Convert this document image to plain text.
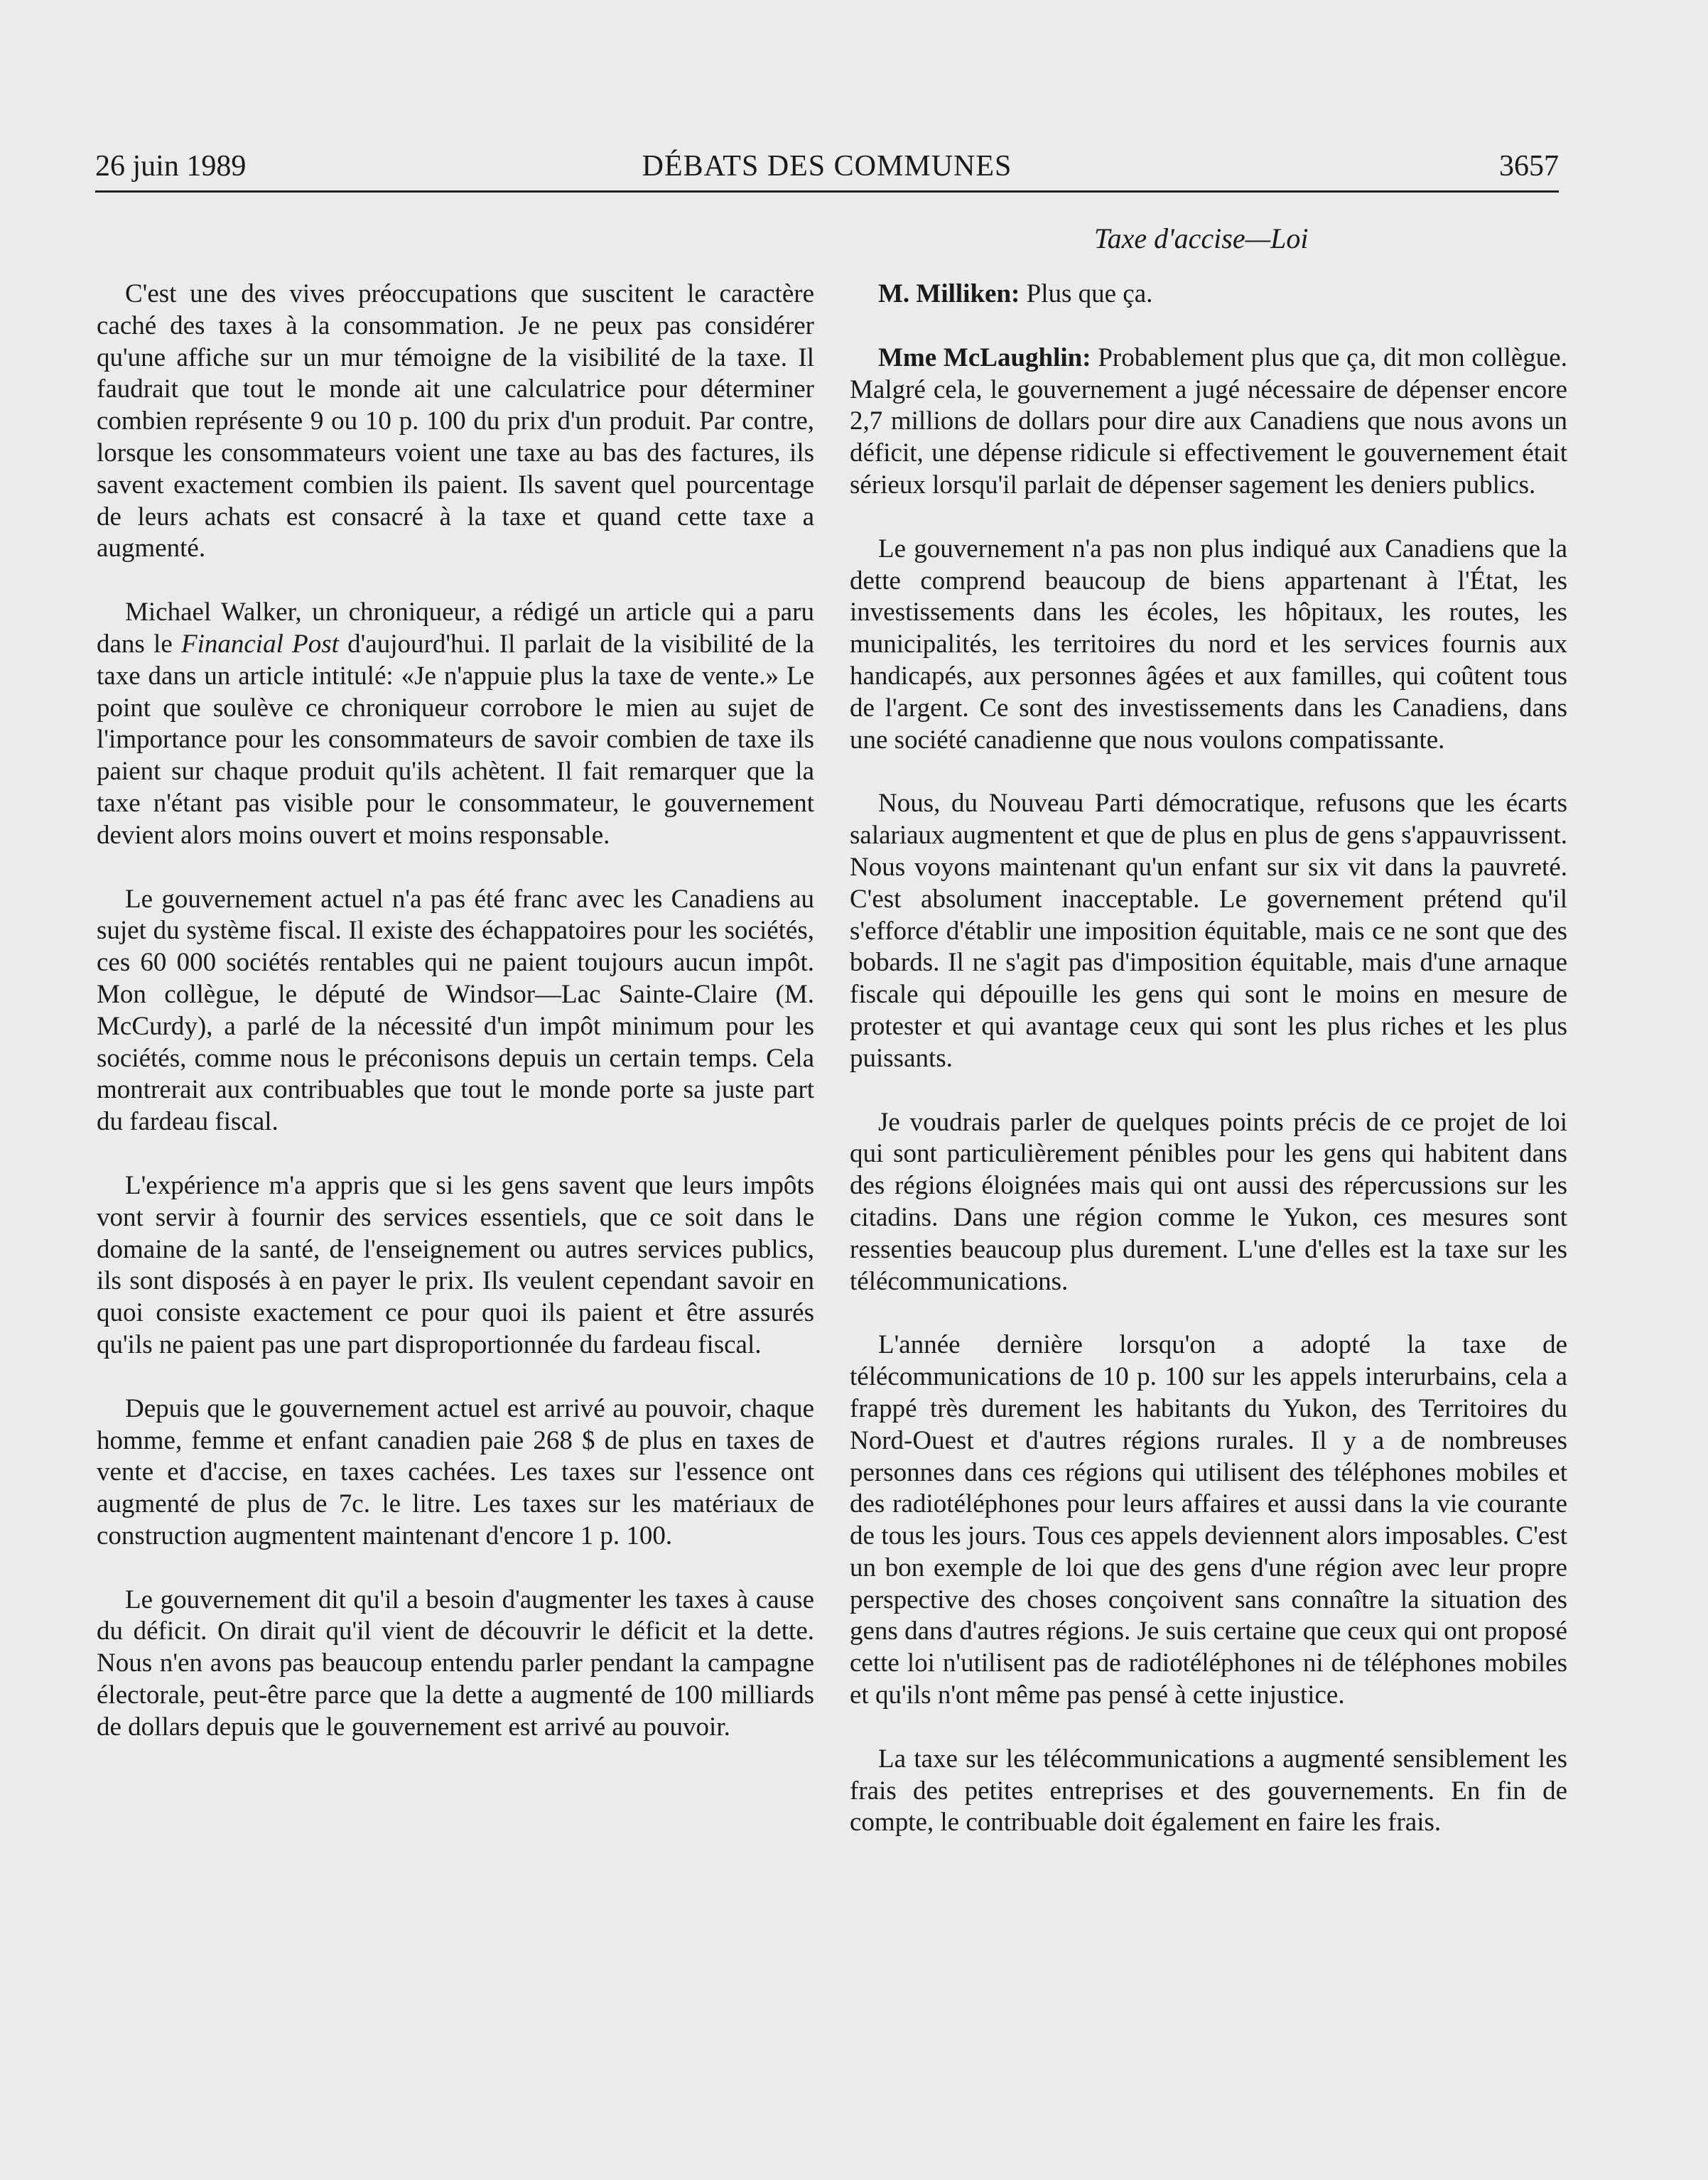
26 juin 1989	DÉBATS DES COMMUNES	3657
Taxe d'accise—Loi

C'est une des vives préoccupations que suscitent le caractère caché des taxes à la consommation. Je ne peux pas considérer qu'une affiche sur un mur témoigne de la visibilité de la taxe. Il faudrait que tout le monde ait une calculatrice pour déterminer combien représente 9 ou 10 p. 100 du prix d'un produit. Par contre, lorsque les consommateurs voient une taxe au bas des factures, ils savent exactement combien ils paient. Ils savent quel pourcentage de leurs achats est consacré à la taxe et quand cette taxe a augmenté.

Michael Walker, un chroniqueur, a rédigé un article qui a paru dans le Financial Post d'aujourd'hui. Il parlait de la visibilité de la taxe dans un article intitulé: «Je n'appuie plus la taxe de vente.» Le point que soulève ce chroniqueur corrobore le mien au sujet de l'importance pour les consommateurs de savoir combien de taxe ils paient sur chaque produit qu'ils achètent. Il fait remarquer que la taxe n'étant pas visible pour le consommateur, le gouvernement devient alors moins ouvert et moins responsable.

Le gouvernement actuel n'a pas été franc avec les Canadiens au sujet du système fiscal. Il existe des échappatoires pour les sociétés, ces 60 000 sociétés rentables qui ne paient toujours aucun impôt. Mon collègue, le député de Windsor—Lac Sainte-Claire (M. McCurdy), a parlé de la nécessité d'un impôt minimum pour les sociétés, comme nous le préconisons depuis un certain temps. Cela montrerait aux contribuables que tout le monde porte sa juste part du fardeau fiscal.

L'expérience m'a appris que si les gens savent que leurs impôts vont servir à fournir des services essentiels, que ce soit dans le domaine de la santé, de l'enseignement ou autres services publics, ils sont disposés à en payer le prix. Ils veulent cependant savoir en quoi consiste exactement ce pour quoi ils paient et être assurés qu'ils ne paient pas une part disproportionnée du fardeau fiscal.

Depuis que le gouvernement actuel est arrivé au pouvoir, chaque homme, femme et enfant canadien paie 268 $ de plus en taxes de vente et d'accise, en taxes cachées. Les taxes sur l'essence ont augmenté de plus de 7c. le litre. Les taxes sur les matériaux de construction augmentent maintenant d'encore 1 p. 100.

Le gouvernement dit qu'il a besoin d'augmenter les taxes à cause du déficit. On dirait qu'il vient de découvrir le déficit et la dette. Nous n'en avons pas beaucoup entendu parler pendant la campagne électorale, peut-être parce que la dette a augmenté de 100 milliards de dollars depuis que le gouvernement est arrivé au pouvoir.

M. Milliken: Plus que ça.

Mme McLaughlin: Probablement plus que ça, dit mon collègue. Malgré cela, le gouvernement a jugé nécessaire de dépenser encore 2,7 millions de dollars pour dire aux Canadiens que nous avons un déficit, une dépense ridicule si effectivement le gouvernement était sérieux lorsqu'il parlait de dépenser sagement les deniers publics.

Le gouvernement n'a pas non plus indiqué aux Canadiens que la dette comprend beaucoup de biens appartenant à l'État, les investissements dans les écoles, les hôpitaux, les routes, les municipalités, les territoires du nord et les services fournis aux handicapés, aux personnes âgées et aux familles, qui coûtent tous de l'argent. Ce sont des investissements dans les Canadiens, dans une société canadienne que nous voulons compatissante.

Nous, du Nouveau Parti démocratique, refusons que les écarts salariaux augmentent et que de plus en plus de gens s'appauvrissent. Nous voyons maintenant qu'un enfant sur six vit dans la pauvreté. C'est absolument inacceptable. Le governement prétend qu'il s'efforce d'établir une imposition équitable, mais ce ne sont que des bobards. Il ne s'agit pas d'imposition équitable, mais d'une arnaque fiscale qui dépouille les gens qui sont le moins en mesure de protester et qui avantage ceux qui sont les plus riches et les plus puissants.

Je voudrais parler de quelques points précis de ce projet de loi qui sont particulièrement pénibles pour les gens qui habitent dans des régions éloignées mais qui ont aussi des répercussions sur les citadins. Dans une région comme le Yukon, ces mesures sont ressenties beaucoup plus durement. L'une d'elles est la taxe sur les télécommunications.

L'année dernière lorsqu'on a adopté la taxe de télécommunications de 10 p. 100 sur les appels interurbains, cela a frappé très durement les habitants du Yukon, des Territoires du Nord-Ouest et d'autres régions rurales. Il y a de nombreuses personnes dans ces régions qui utilisent des téléphones mobiles et des radiotéléphones pour leurs affaires et aussi dans la vie courante de tous les jours. Tous ces appels deviennent alors imposables. C'est un bon exemple de loi que des gens d'une région avec leur propre perspective des choses conçoivent sans connaître la situation des gens dans d'autres régions. Je suis certaine que ceux qui ont proposé cette loi n'utilisent pas de radiotéléphones ni de téléphones mobiles et qu'ils n'ont même pas pensé à cette injustice.

La taxe sur les télécommunications a augmenté sensiblement les frais des petites entreprises et des gouvernements. En fin de compte, le contribuable doit également en faire les frais.
